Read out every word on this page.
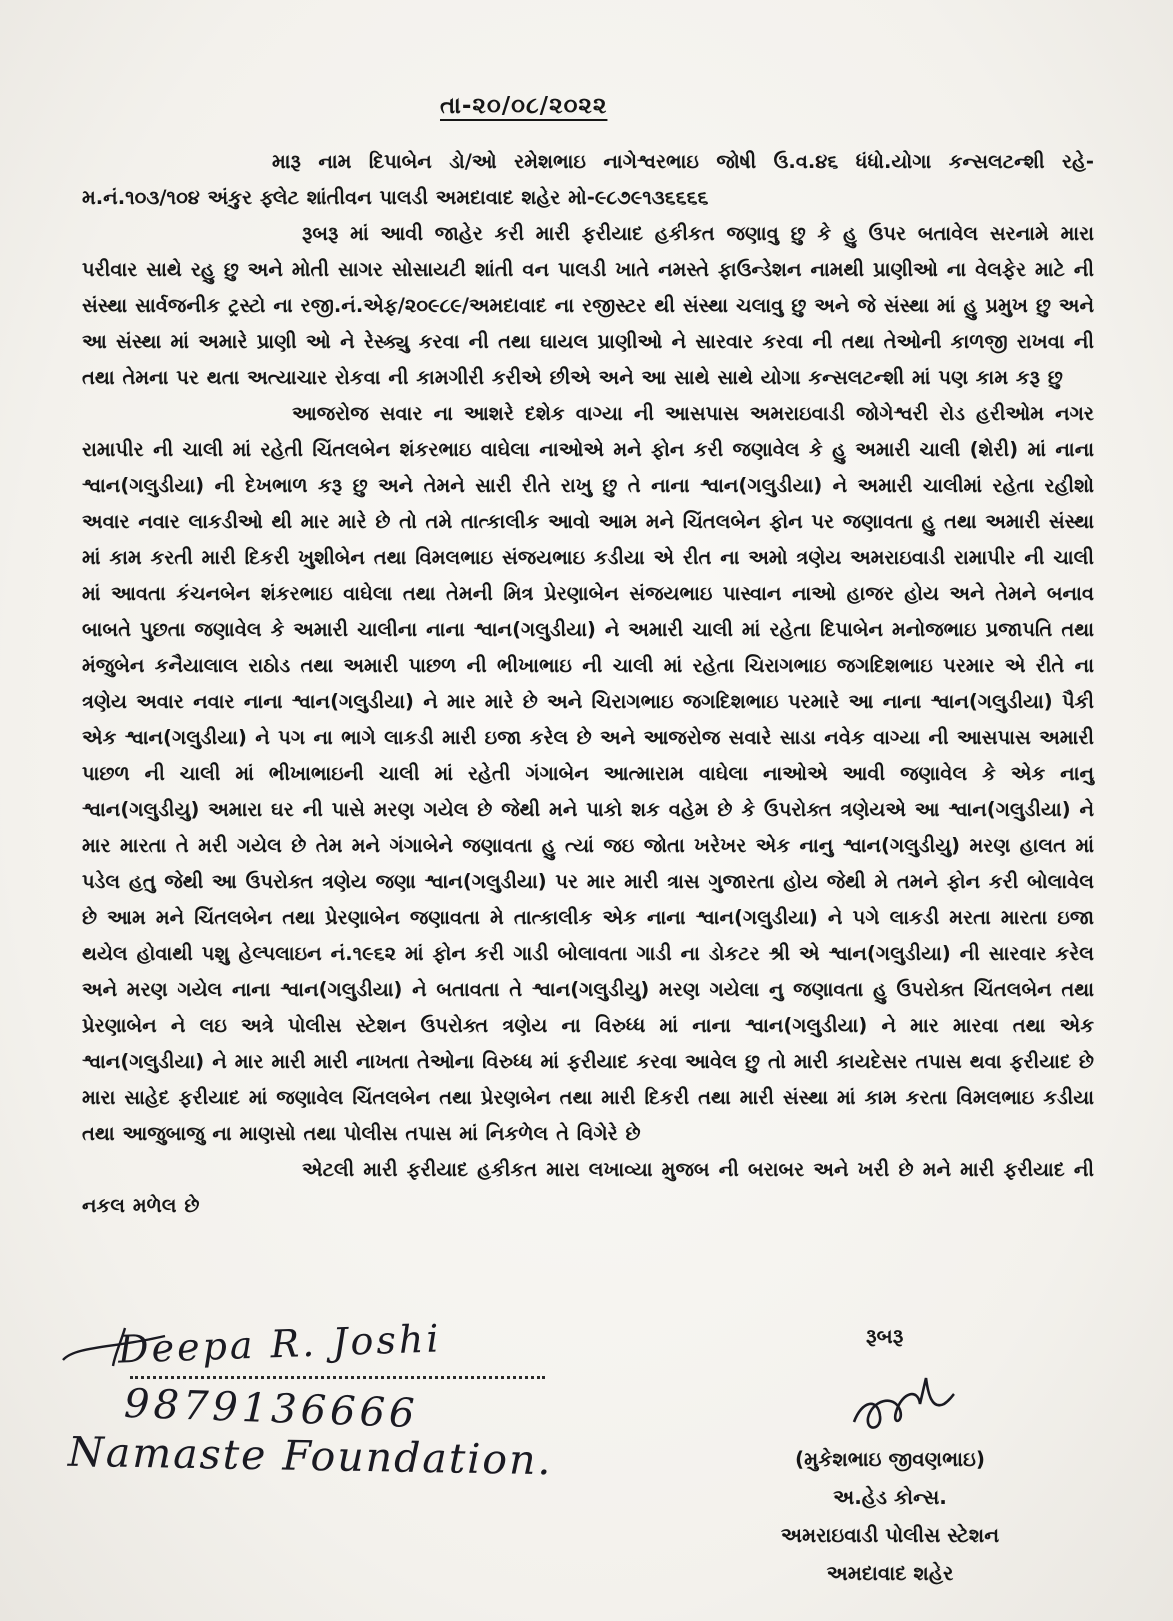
તા-૨૦/૦૮/૨૦૨૨

મારૂ નામ દિપાબેન ડો/ઓ રમેશભાઇ નાગેશ્વરભાઇ જોષી ઉ.વ.૪૬ ધંધો.યોગા કન્સલટન્શી રહે- મ.નં.૧૦૩/૧૦૪ અંકુર ફ્લેટ શાંતીવન પાલડી અમદાવાદ શહેર મો-૯૮૭૯૧૩૬૬૬૬

રૂબરૂ માં આવી જાહેર કરી મારી ફરીયાદ હકીકત જણાવુ છુ કે હુ ઉપર બતાવેલ સરનામે મારા પરીવાર સાથે રહુ છુ અને મોતી સાગર સોસાયટી શાંતી વન પાલડી ખાતે નમસ્તે ફાઉન્ડેશન નામથી પ્રાણીઓ ના વેલફેર માટે ની સંસ્થા સાર્વજનીક ટ્રસ્ટો ના રજી.નં.એફ/૨૦૯૮૯/અમદાવાદ ના રજીસ્ટર થી સંસ્થા ચલાવુ છુ અને જે સંસ્થા માં હુ પ્રમુખ છુ અને આ સંસ્થા માં અમારે પ્રાણી ઓ ને રેસ્ક્યુ કરવા ની તથા ઘાયલ પ્રાણીઓ ને સારવાર કરવા ની તથા તેઓની કાળજી રાખવા ની તથા તેમના પર થતા અત્યાચાર રોકવા ની કામગીરી કરીએ છીએ અને આ સાથે સાથે યોગા કન્સલટન્શી માં પણ કામ કરૂ છુ

આજરોજ સવાર ના આશરે દશેક વાગ્યા ની આસપાસ અમરાઇવાડી જોગેશ્વરી રોડ હરીઓમ નગર રામાપીર ની ચાલી માં રહેતી ચિંતલબેન શંકરભાઇ વાઘેલા નાઓએ મને ફોન કરી જણાવેલ કે હુ અમારી ચાલી (શેરી) માં નાના શ્વાન(ગલુડીયા) ની દેખભાળ કરૂ છુ અને તેમને સારી રીતે રાખુ છુ તે નાના શ્વાન(ગલુડીયા) ને અમારી ચાલીમાં રહેતા રહીશો અવાર નવાર લાકડીઓ થી માર મારે છે તો તમે તાત્કાલીક આવો આમ મને ચિંતલબેન ફોન પર જણાવતા હુ તથા અમારી સંસ્થા માં કામ કરતી મારી દિકરી ખુશીબેન તથા વિમલભાઇ સંજયભાઇ કડીયા એ રીત ના અમો ત્રણેય અમરાઇવાડી રામાપીર ની ચાલી માં આવતા કંચનબેન શંકરભાઇ વાઘેલા તથા તેમની મિત્ર પ્રેરણાબેન સંજયભાઇ પાસ્વાન નાઓ હાજર હોય અને તેમને બનાવ બાબતે પુછતા જણાવેલ કે અમારી ચાલીના નાના શ્વાન(ગલુડીયા) ને અમારી ચાલી માં રહેતા દિપાબેન મનોજભાઇ પ્રજાપતિ તથા મંજુબેન કનૈયાલાલ રાઠોડ તથા અમારી પાછળ ની ભીખાભાઇ ની ચાલી માં રહેતા ચિરાગભાઇ જગદિશભાઇ પરમાર એ રીતે ના ત્રણેય અવાર નવાર નાના શ્વાન(ગલુડીયા) ને માર મારે છે અને ચિરાગભાઇ જગદિશભાઇ પરમારે આ નાના શ્વાન(ગલુડીયા) પૈકી એક શ્વાન(ગલુડીયા) ને પગ ના ભાગે લાકડી મારી ઇજા કરેલ છે અને આજરોજ સવારે સાડા નવેક વાગ્યા ની આસપાસ અમારી પાછળ ની ચાલી માં ભીખાભાઇની ચાલી માં રહેતી ગંગાબેન આત્મારામ વાઘેલા નાઓએ આવી જણાવેલ કે એક નાનુ શ્વાન(ગલુડીયુ) અમારા ઘર ની પાસે મરણ ગયેલ છે જેથી મને પાકો શક વહેમ છે કે ઉપરોક્ત ત્રણેયએ આ શ્વાન(ગલુડીયા) ને માર મારતા તે મરી ગયેલ છે તેમ મને ગંગાબેને જણાવતા હુ ત્યાં જઇ જોતા ખરેખર એક નાનુ શ્વાન(ગલુડીયુ) મરણ હાલત માં પડેલ હતુ જેથી આ ઉપરોક્ત ત્રણેય જણા શ્વાન(ગલુડીયા) પર માર મારી ત્રાસ ગુજારતા હોય જેથી મે તમને ફોન કરી બોલાવેલ છે આમ મને ચિંતલબેન તથા પ્રેરણાબેન જણાવતા મે તાત્કાલીક એક નાના શ્વાન(ગલુડીયા) ને પગે લાકડી મરતા મારતા ઇજા થયેલ હોવાથી પશુ હેલ્પલાઇન નં.૧૯૬૨ માં ફોન કરી ગાડી બોલાવતા ગાડી ના ડોકટર શ્રી એ શ્વાન(ગલુડીયા) ની સારવાર કરેલ અને મરણ ગયેલ નાના શ્વાન(ગલુડીયા) ને બતાવતા તે શ્વાન(ગલુડીયુ) મરણ ગયેલા નુ જણાવતા હુ ઉપરોક્ત ચિંતલબેન તથા પ્રેરણાબેન ને લઇ અત્રે પોલીસ સ્ટેશન ઉપરોક્ત ત્રણેય ના વિરુધ્ધ માં નાના શ્વાન(ગલુડીયા) ને માર મારવા તથા એક શ્વાન(ગલુડીયા) ને માર મારી મારી નાખતા તેઓના વિરુધ્ધ માં ફરીયાદ કરવા આવેલ છુ તો મારી કાયદેસર તપાસ થવા ફરીયાદ છે મારા સાહેદ ફરીયાદ માં જણાવેલ ચિંતલબેન તથા પ્રેરણબેન તથા મારી દિકરી તથા મારી સંસ્થા માં કામ કરતા વિમલભાઇ કડીયા તથા આજુબાજુ ના માણસો તથા પોલીસ તપાસ માં નિકળેલ તે વિગેરે છે

એટલી મારી ફરીયાદ હકીકત મારા લખાવ્યા મુજબ ની બરાબર અને ખરી છે મને મારી ફરીયાદ ની નકલ મળેલ છે

Deepa R. Joshi
9879136666
Namaste Foundation.
રૂબરૂ
(મુકેશભાઇ જીવણભાઇ)
અ.હેડ કોન્સ.
અમરાઇવાડી પોલીસ સ્ટેશન
અમદાવાદ શહેર
